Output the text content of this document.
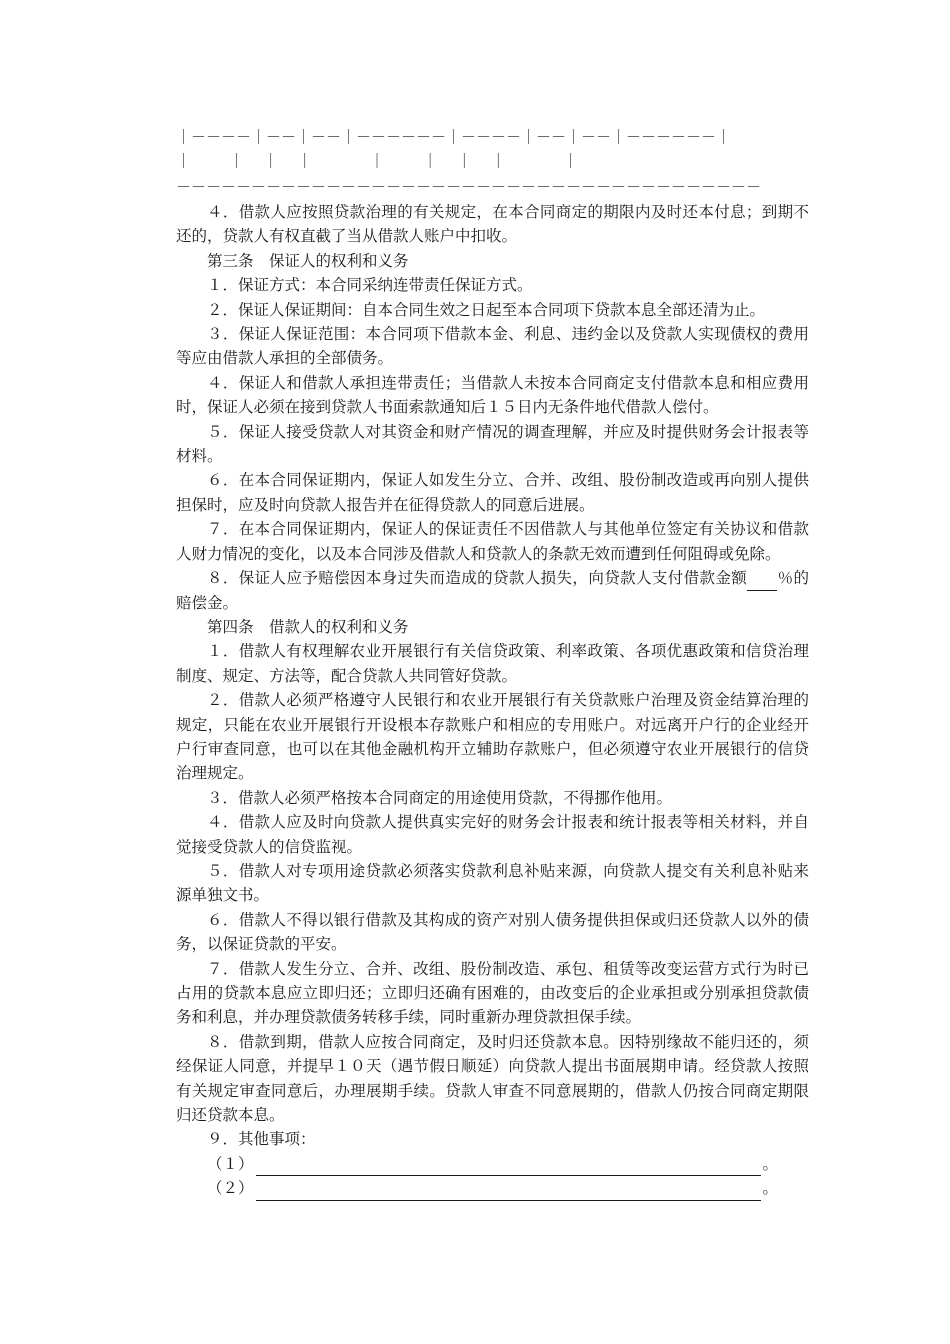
｜－－－－｜－－｜－－｜－－－－－－｜－－－－｜－－｜－－｜－－－－－－｜
｜        ｜    ｜    ｜            ｜        ｜    ｜    ｜            ｜
－－－－－－－－－－－－－－－－－－－－－－－－－－－－－－－－－－－－－－－

４．借款人应按照贷款治理的有关规定，在本合同商定的期限内及时还本付息；到期不还的，贷款人有权直截了当从借款人账户中扣收。

第三条　保证人的权利和义务

１．保证方式：本合同采纳连带责任保证方式。

２．保证人保证期间：自本合同生效之日起至本合同项下贷款本息全部还清为止。

３．保证人保证范围：本合同项下借款本金、利息、违约金以及贷款人实现债权的费用等应由借款人承担的全部债务。

４．保证人和借款人承担连带责任；当借款人未按本合同商定支付借款本息和相应费用时，保证人必须在接到贷款人书面索款通知后１５日内无条件地代借款人偿付。

５．保证人接受贷款人对其资金和财产情况的调查理解，并应及时提供财务会计报表等材料。

６．在本合同保证期内，保证人如发生分立、合并、改组、股份制改造或再向别人提供担保时，应及时向贷款人报告并在征得贷款人的同意后进展。

７．在本合同保证期内，保证人的保证责任不因借款人与其他单位签定有关协议和借款人财力情况的变化，以及本合同涉及借款人和贷款人的条款无效而遭到任何阻碍或免除。

８．保证人应予赔偿因本身过失而造成的贷款人损失，向贷款人支付借款金额 ％的赔偿金。

第四条　借款人的权利和义务

１．借款人有权理解农业开展银行有关信贷政策、利率政策、各项优惠政策和信贷治理制度、规定、方法等，配合贷款人共同管好贷款。

２．借款人必须严格遵守人民银行和农业开展银行有关贷款账户治理及资金结算治理的规定，只能在农业开展银行开设根本存款账户和相应的专用账户。对远离开户行的企业经开户行审查同意，也可以在其他金融机构开立辅助存款账户，但必须遵守农业开展银行的信贷治理规定。

３．借款人必须严格按本合同商定的用途使用贷款，不得挪作他用。

４．借款人应及时向贷款人提供真实完好的财务会计报表和统计报表等相关材料，并自觉接受贷款人的信贷监视。

５．借款人对专项用途贷款必须落实贷款利息补贴来源，向贷款人提交有关利息补贴来源单独文书。

６．借款人不得以银行借款及其构成的资产对别人债务提供担保或归还贷款人以外的债务，以保证贷款的平安。

７．借款人发生分立、合并、改组、股份制改造、承包、租赁等改变运营方式行为时已占用的贷款本息应立即归还；立即归还确有困难的，由改变后的企业承担或分别承担贷款债务和利息，并办理贷款债务转移手续，同时重新办理贷款担保手续。

８．借款到期，借款人应按合同商定，及时归还贷款本息。因特别缘故不能归还的，须经保证人同意，并提早１０天（遇节假日顺延）向贷款人提出书面展期申请。经贷款人按照有关规定审查同意后，办理展期手续。贷款人审查不同意展期的，借款人仍按合同商定期限归还贷款本息。

９．其他事项：

（１）	。

（２）	。
